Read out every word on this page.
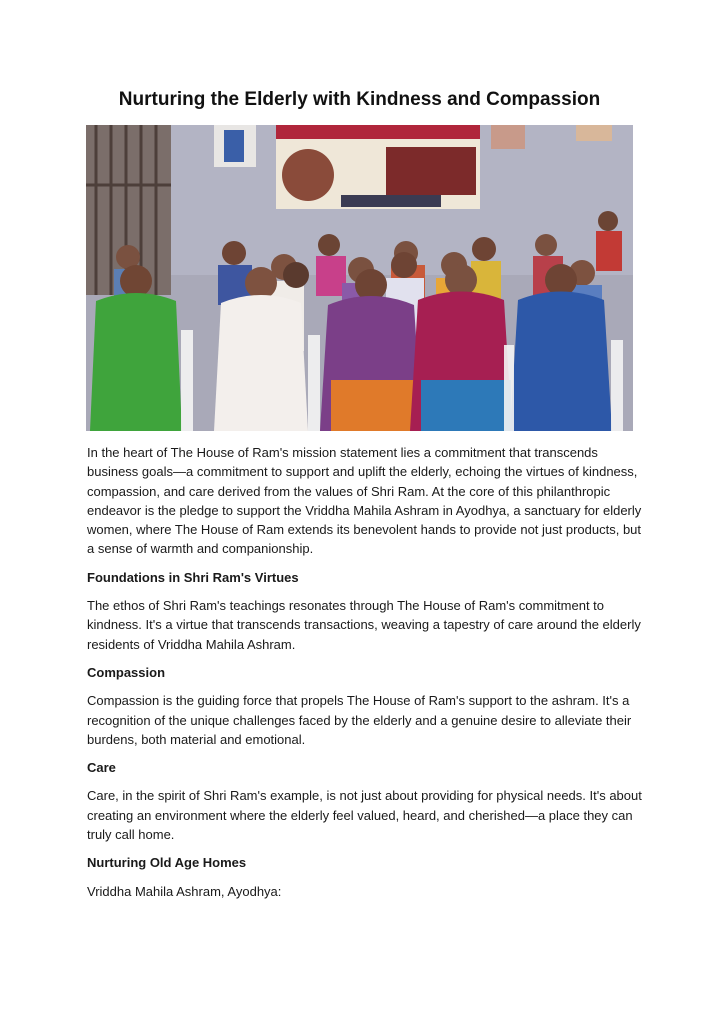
Nurturing the Elderly with Kindness and Compassion

In the heart of The House of Ram's mission statement lies a commitment that transcends business goals—a commitment to support and uplift the elderly, echoing the virtues of kindness, compassion, and care derived from the values of Shri Ram. At the core of this philanthropic endeavor is the pledge to support the Vriddha Mahila Ashram in Ayodhya, a sanctuary for elderly women, where The House of Ram extends its benevolent hands to provide not just products, but a sense of warmth and companionship.

Foundations in Shri Ram's Virtues

The ethos of Shri Ram's teachings resonates through The House of Ram's commitment to kindness. It's a virtue that transcends transactions, weaving a tapestry of care around the elderly residents of Vriddha Mahila Ashram.

Compassion

Compassion is the guiding force that propels The House of Ram's support to the ashram. It's a recognition of the unique challenges faced by the elderly and a genuine desire to alleviate their burdens, both material and emotional.

Care

Care, in the spirit of Shri Ram's example, is not just about providing for physical needs. It's about creating an environment where the elderly feel valued, heard, and cherished—a place they can truly call home.

Nurturing Old Age Homes

Vriddha Mahila Ashram, Ayodhya:
